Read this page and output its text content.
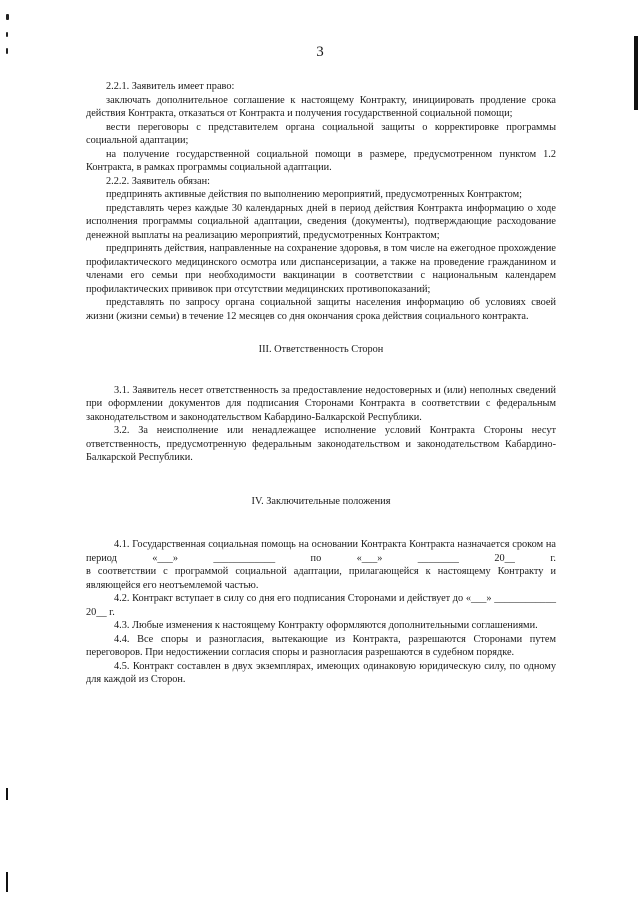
3

2.2.1. Заявитель имеет право:

заключать дополнительное соглашение к настоящему Контракту, инициировать продление срока действия Контракта, отказаться от Контракта и получения государственной социальной помощи;

вести переговоры с представителем органа социальной защиты о корректировке программы социальной адаптации;

на получение государственной социальной помощи в размере, предусмотренном пунктом 1.2 Контракта, в рамках программы социальной адаптации.

2.2.2. Заявитель обязан:

предпринять активные действия по выполнению мероприятий, предусмотренных Контрактом;

представлять через каждые 30 календарных дней в период действия Контракта информацию о ходе исполнения программы социальной адаптации, сведения (документы), подтверждающие расходование денежной выплаты на реализацию мероприятий, предусмотренных Контрактом;

предпринять действия, направленные на сохранение здоровья, в том числе на ежегодное прохождение профилактического медицинского осмотра или диспансеризации, а также на проведение гражданином и членами его семьи при необходимости вакцинации в соответствии с национальным календарем профилактических прививок при отсутствии медицинских противопоказаний;

представлять по запросу органа социальной защиты населения информацию об условиях своей жизни (жизни семьи) в течение 12 месяцев со дня окончания срока действия социального контракта.

III. Ответственность Сторон

3.1. Заявитель несет ответственность за предоставление недостоверных и (или) неполных сведений при оформлении документов для подписания Сторонами Контракта в соответствии с федеральным законодательством и законодательством Кабардино-Балкарской Республики.

3.2. За неисполнение или ненадлежащее исполнение условий Контракта Стороны несут ответственность, предусмотренную федеральным законодательством и законодательством Кабардино-Балкарской Республики.

IV. Заключительные положения

4.1. Государственная социальная помощь на основании Контракта Контракта назначается сроком на период «___» ____________ по «___» ________ 20__ г.

в соответствии с программой социальной адаптации, прилагающейся к настоящему Контракту и являющейся его неотъемлемой частью.

4.2. Контракт вступает в силу со дня его подписания Сторонами и действует до «___» ____________ 20__ г.

4.3. Любые изменения к настоящему Контракту оформляются дополнительными соглашениями.

4.4. Все споры и разногласия, вытекающие из Контракта, разрешаются Сторонами путем переговоров. При недостижении согласия споры и разногласия разрешаются в судебном порядке.

4.5. Контракт составлен в двух экземплярах, имеющих одинаковую юридическую силу, по одному для каждой из Сторон.
